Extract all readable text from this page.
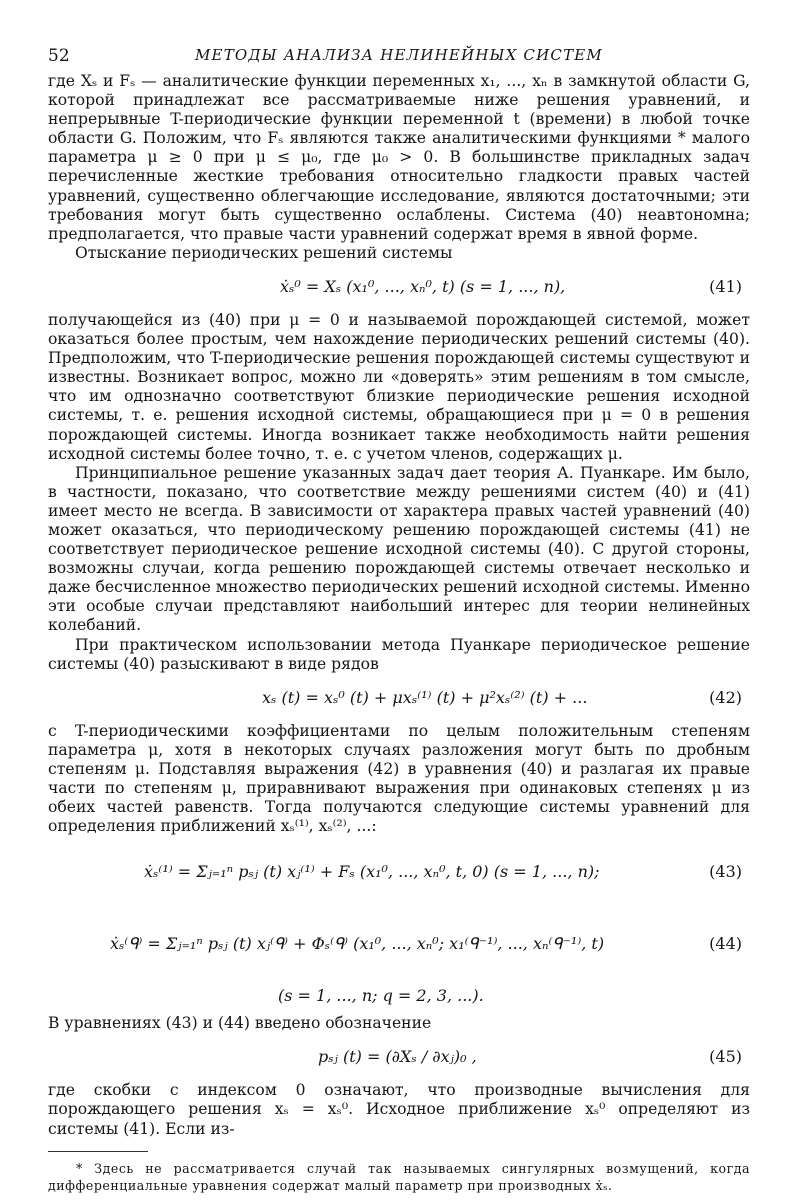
52	МЕТОДЫ АНАЛИЗА НЕЛИНЕЙНЫХ СИСТЕМ

где Xₛ и Fₛ — аналитические функции переменных x₁, ..., xₙ в замкнутой области G, которой принадлежат все рассматриваемые ниже решения уравнений, и непрерывные T-периодические функции переменной t (времени) в любой точке области G. Положим, что Fₛ являются также аналитическими функциями * малого параметра μ ≥ 0 при μ ≤ μ₀, где μ₀ > 0. В большинстве прикладных задач перечисленные жесткие требования относительно гладкости правых частей уравнений, существенно облегчающие исследование, являются достаточными; эти требования могут быть существенно ослаблены. Система (40) неавтономна; предполагается, что правые части уравнений содержат время в явной форме.

Отыскание периодических решений системы

ẋₛ⁰ = Xₛ (x₁⁰, ..., xₙ⁰, t) (s = 1, ..., n),	(41)

получающейся из (40) при μ = 0 и называемой порождающей системой, может оказаться более простым, чем нахождение периодических решений системы (40). Предположим, что T-периодические решения порождающей системы существуют и известны. Возникает вопрос, можно ли «доверять» этим решениям в том смысле, что им однозначно соответствуют близкие периодические решения исходной системы, т. е. решения исходной системы, обращающиеся при μ = 0 в решения порождающей системы. Иногда возникает также необходимость найти решения исходной системы более точно, т. е. с учетом членов, содержащих μ.

Принципиальное решение указанных задач дает теория А. Пуанкаре. Им было, в частности, показано, что соответствие между решениями систем (40) и (41) имеет место не всегда. В зависимости от характера правых частей уравнений (40) может оказаться, что периодическому решению порождающей системы (41) не соответствует периодическое решение исходной системы (40). С другой стороны, возможны случаи, когда решению порождающей системы отвечает несколько и даже бесчисленное множество периодических решений исходной системы. Именно эти особые случаи представляют наибольший интерес для теории нелинейных колебаний.

При практическом использовании метода Пуанкаре периодическое решение системы (40) разыскивают в виде рядов

xₛ (t) = xₛ⁰ (t) + μxₛ⁽¹⁾ (t) + μ²xₛ⁽²⁾ (t) + ...	(42)

с T-периодическими коэффициентами по целым положительным степеням параметра μ, хотя в некоторых случаях разложения могут быть по дробным степеням μ. Подставляя выражения (42) в уравнения (40) и разлагая их правые части по степеням μ, приравнивают выражения при одинаковых степенях μ из обеих частей равенств. Тогда получаются следующие системы уравнений для определения приближений xₛ⁽¹⁾, xₛ⁽²⁾, ...:

ẋₛ⁽¹⁾ = Σⱼ₌₁ⁿ pₛⱼ (t) xⱼ⁽¹⁾ + Fₛ (x₁⁰, ..., xₙ⁰, t, 0) (s = 1, ..., n);	(43)
ẋₛ⁽ᑫ⁾ = Σⱼ₌₁ⁿ pₛⱼ (t) xⱼ⁽ᑫ⁾ + Φₛ⁽ᑫ⁾ (x₁⁰, ..., xₙ⁰; x₁⁽ᑫ⁻¹⁾, ..., xₙ⁽ᑫ⁻¹⁾, t)	(44)
(s = 1, ..., n; q = 2, 3, ...).

В уравнениях (43) и (44) введено обозначение

pₛⱼ (t) = (∂Xₛ / ∂xⱼ)₀ ,	(45)

где скобки с индексом 0 означают, что производные вычисления для порождающего решения xₛ = xₛ⁰. Исходное приближение xₛ⁰ определяют из системы (41). Если из-

* Здесь не рассматривается случай так называемых сингулярных возмущений, когда дифференциальные уравнения содержат малый параметр при производных ẋₛ.
